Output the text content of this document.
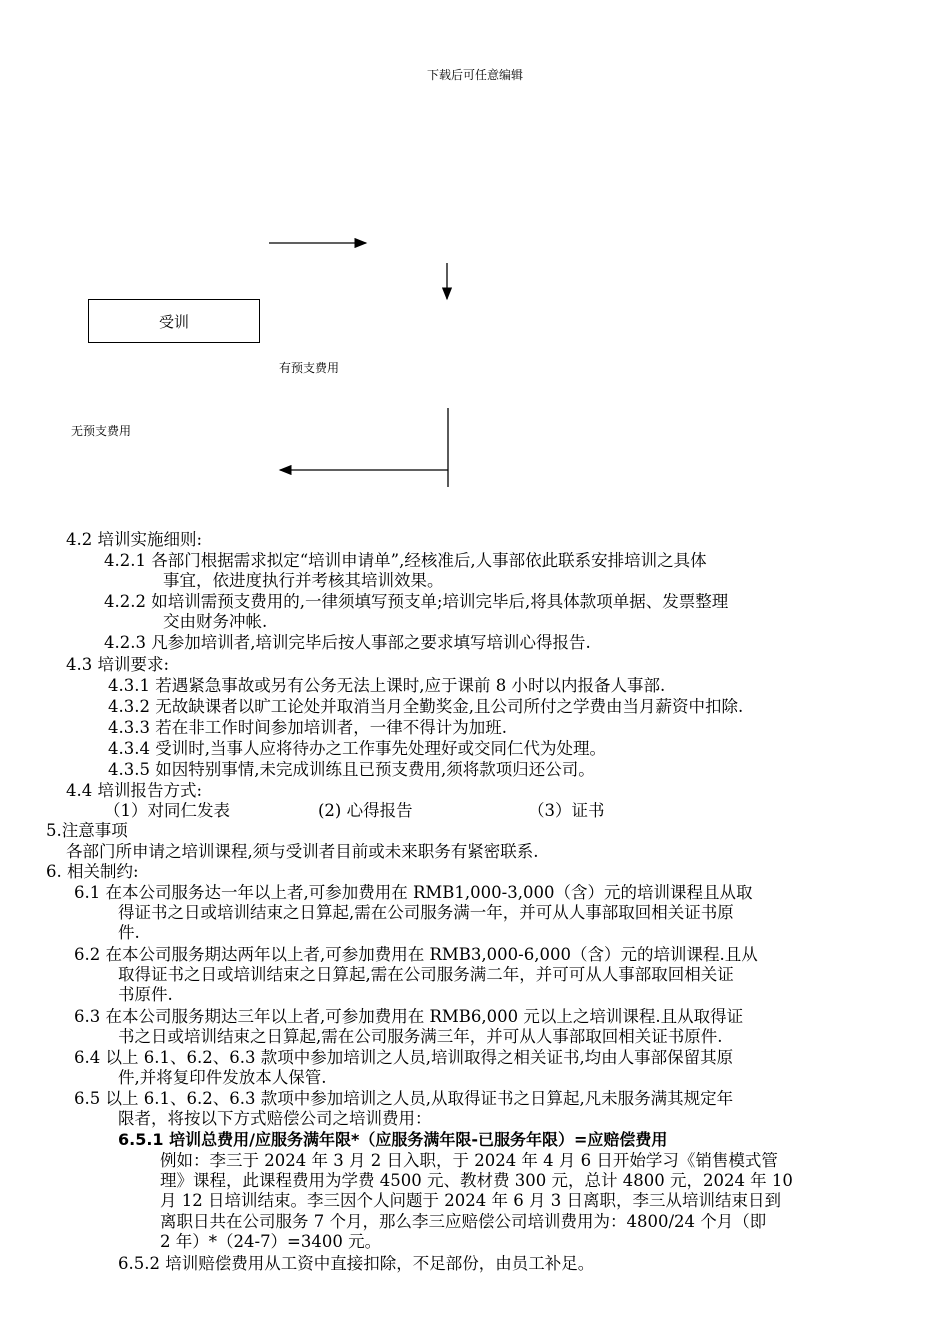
下载后可任意编辑
受训
有预支费用
无预支费用
4.2 培训实施细则:
4.2.1 各部门根据需求拟定“培训申请单”,经核准后,人事部依此联系安排培训之具体
事宜，依进度执行并考核其培训效果。
4.2.2 如培训需预支费用的,一律须填写预支单;培训完毕后,将具体款项单据、发票整理
交由财务冲帐.
4.2.3 凡参加培训者,培训完毕后按人事部之要求填写培训心得报告.
4.3 培训要求:
4.3.1 若遇紧急事故或另有公务无法上课时,应于课前 8 小时以内报备人事部.
4.3.2 无故缺课者以旷工论处并取消当月全勤奖金,且公司所付之学费由当月薪资中扣除.
4.3.3 若在非工作时间参加培训者，一律不得计为加班.
4.3.4 受训时,当事人应将待办之工作事先处理好或交同仁代为处理。
4.3.5 如因特别事情,未完成训练且已预支费用,须将款项归还公司。
4.4 培训报告方式:
（1）对同仁发表	(2) 心得报告	（3）证书
5.注意事项
各部门所申请之培训课程,须与受训者目前或未来职务有紧密联系.
6. 相关制约:
6.1 在本公司服务达一年以上者,可参加费用在 RMB1,000-3,000（含）元的培训课程且从取
得证书之日或培训结束之日算起,需在公司服务满一年，并可从人事部取回相关证书原
件.
6.2 在本公司服务期达两年以上者,可参加费用在 RMB3,000-6,000（含）元的培训课程.且从
取得证书之日或培训结束之日算起,需在公司服务满二年，并可可从人事部取回相关证
书原件.
6.3 在本公司服务期达三年以上者,可参加费用在 RMB6,000 元以上之培训课程.且从取得证
书之日或培训结束之日算起,需在公司服务满三年，并可从人事部取回相关证书原件.
6.4 以上 6.1、6.2、6.3 款项中参加培训之人员,培训取得之相关证书,均由人事部保留其原
件,并将复印件发放本人保管.
6.5 以上 6.1、6.2、6.3 款项中参加培训之人员,从取得证书之日算起,凡未服务满其规定年
限者，将按以下方式赔偿公司之培训费用：
6.5.1 培训总费用/应服务满年限*（应服务满年限-已服务年限）=应赔偿费用
例如：李三于 2024 年 3 月 2 日入职，于 2024 年 4 月 6 日开始学习《销售模式管
理》课程，此课程费用为学费 4500 元、教材费 300 元，总计 4800 元，2024 年 10
月 12 日培训结束。李三因个人问题于 2024 年 6 月 3 日离职，李三从培训结束日到
离职日共在公司服务 7 个月，那么李三应赔偿公司培训费用为：4800/24 个月（即
2 年）*（24-7）=3400 元。
6.5.2 培训赔偿费用从工资中直接扣除，不足部份，由员工补足。
